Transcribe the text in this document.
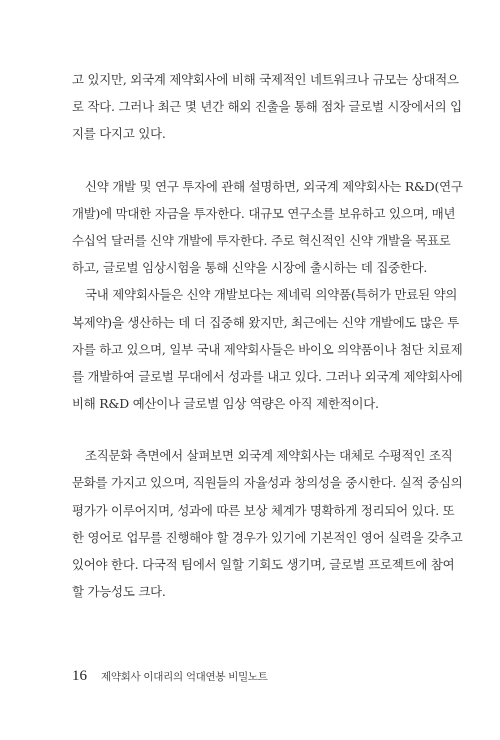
고 있지만, 외국계 제약회사에 비해 국제적인 네트워크나 규모는 상대적으
로 작다. 그러나 최근 몇 년간 해외 진출을 통해 점차 글로벌 시장에서의 입
지를 다지고 있다.
신약 개발 및 연구 투자에 관해 설명하면, 외국계 제약회사는 R&D(연구
개발)에 막대한 자금을 투자한다. 대규모 연구소를 보유하고 있으며, 매년
수십억 달러를 신약 개발에 투자한다. 주로 혁신적인 신약 개발을 목표로
하고, 글로벌 임상시험을 통해 신약을 시장에 출시하는 데 집중한다.
국내 제약회사들은 신약 개발보다는 제네릭 의약품(특허가 만료된 약의
복제약)을 생산하는 데 더 집중해 왔지만, 최근에는 신약 개발에도 많은 투
자를 하고 있으며, 일부 국내 제약회사들은 바이오 의약품이나 첨단 치료제
를 개발하여 글로벌 무대에서 성과를 내고 있다. 그러나 외국계 제약회사에
비해 R&D 예산이나 글로벌 임상 역량은 아직 제한적이다.
조직문화 측면에서 살펴보면 외국계 제약회사는 대체로 수평적인 조직
문화를 가지고 있으며, 직원들의 자율성과 창의성을 중시한다. 실적 중심의
평가가 이루어지며, 성과에 따른 보상 체계가 명확하게 정리되어 있다. 또
한 영어로 업무를 진행해야 할 경우가 있기에 기본적인 영어 실력을 갖추고
있어야 한다. 다국적 팀에서 일할 기회도 생기며, 글로벌 프로젝트에 참여
할 가능성도 크다.
16 제약회사 이대리의 억대연봉 비밀노트
